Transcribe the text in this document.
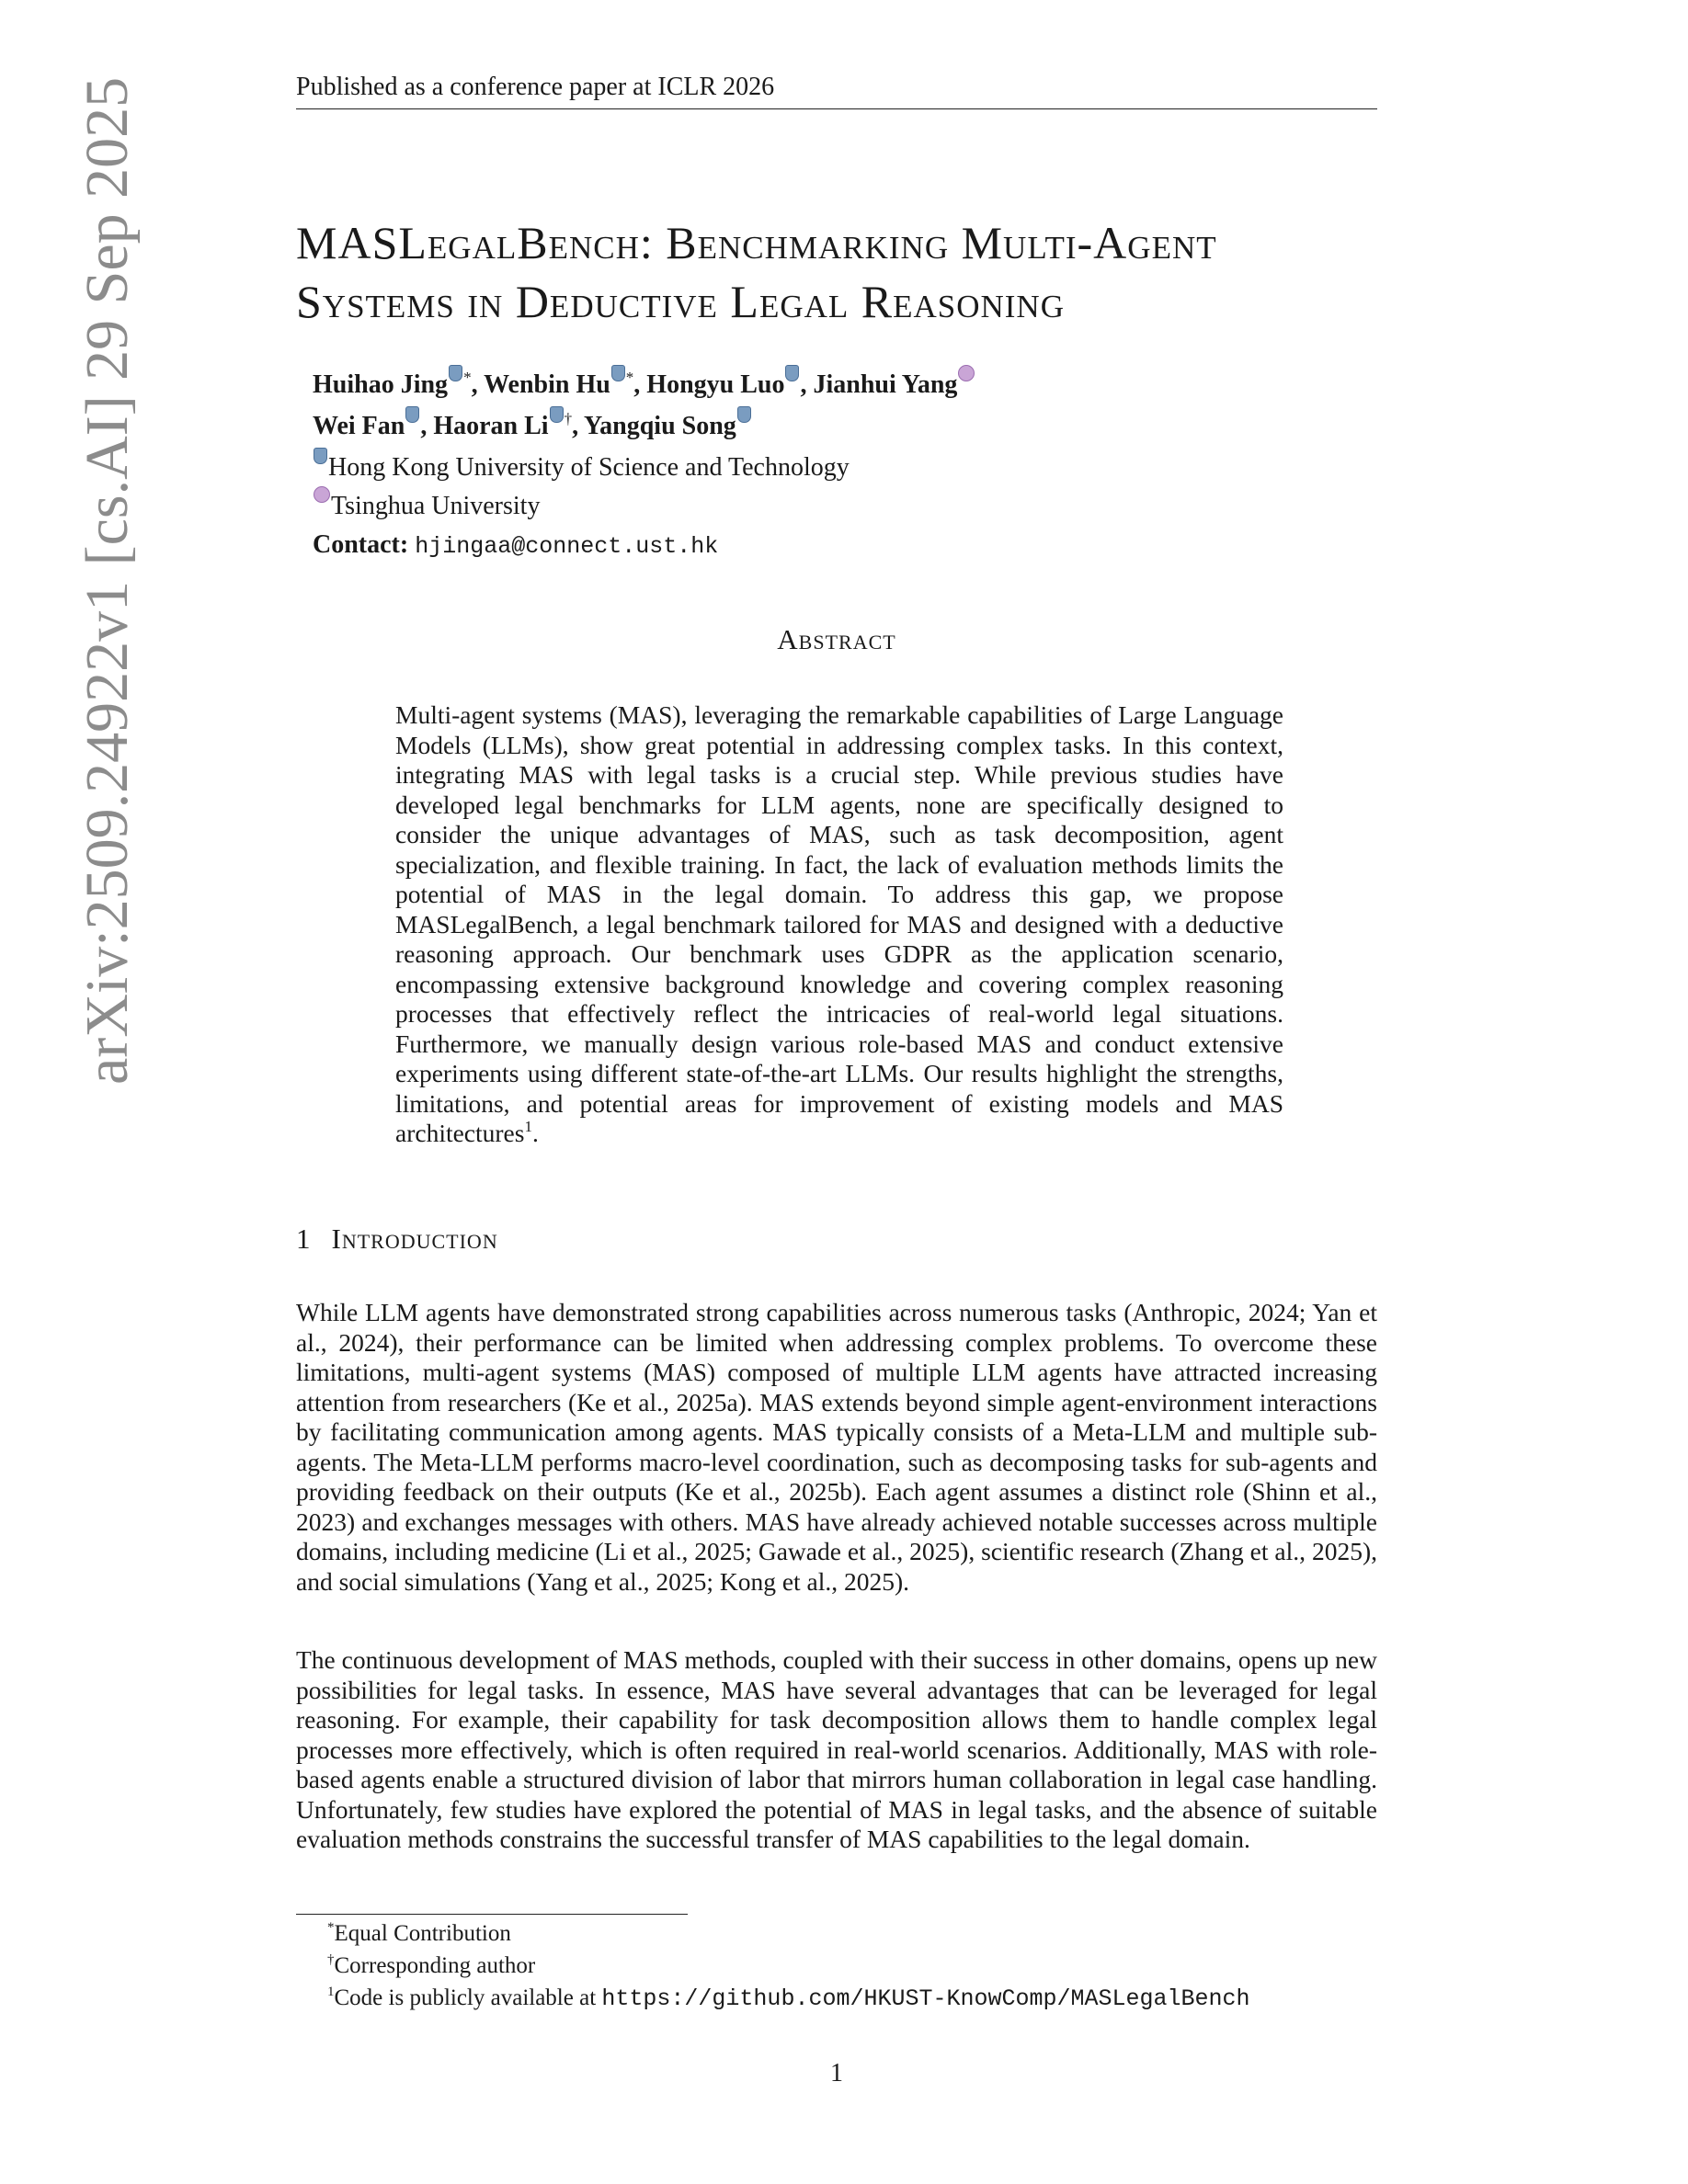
Published as a conference paper at ICLR 2026
arXiv:2509.24922v1 [cs.AI] 29 Sep 2025	MASLegalBench: Benchmarking Multi-Agent
Systems in Deductive Legal Reasoning
Huihao Jing *, Wenbin Hu *, Hongyu Luo , Jianhui Yang
Wei Fan , Haoran Li †, Yangqiu Song
Hong Kong University of Science and Technology
Tsinghua University
Contact: hjingaa@connect.ust.hk
Abstract
Multi-agent systems (MAS), leveraging the remarkable capabilities of Large Language Models (LLMs), show great potential in addressing complex tasks. In this context, integrating MAS with legal tasks is a crucial step. While previous studies have developed legal benchmarks for LLM agents, none are specifically designed to consider the unique advantages of MAS, such as task decomposition, agent specialization, and flexible training. In fact, the lack of evaluation methods limits the potential of MAS in the legal domain. To address this gap, we propose MASLegalBench, a legal benchmark tailored for MAS and designed with a deductive reasoning approach. Our benchmark uses GDPR as the application scenario, encompassing extensive background knowledge and covering complex reasoning processes that effectively reflect the intricacies of real-world legal situations. Furthermore, we manually design various role-based MAS and conduct extensive experiments using different state-of-the-art LLMs. Our results highlight the strengths, limitations, and potential areas for improvement of existing models and MAS architectures$^1$.
1 Introduction
While LLM agents have demonstrated strong capabilities across numerous tasks (Anthropic, 2024; Yan et al., 2024), their performance can be limited when addressing complex problems. To overcome these limitations, multi-agent systems (MAS) composed of multiple LLM agents have attracted increasing attention from researchers (Ke et al., 2025a). MAS extends beyond simple agent-environment interactions by facilitating communication among agents. MAS typically consists of a Meta-LLM and multiple sub-agents. The Meta-LLM performs macro-level coordination, such as decomposing tasks for sub-agents and providing feedback on their outputs (Ke et al., 2025b). Each agent assumes a distinct role (Shinn et al., 2023) and exchanges messages with others. MAS have already achieved notable successes across multiple domains, including medicine (Li et al., 2025; Gawade et al., 2025), scientific research (Zhang et al., 2025), and social simulations (Yang et al., 2025; Kong et al., 2025).
The continuous development of MAS methods, coupled with their success in other domains, opens up new possibilities for legal tasks. In essence, MAS have several advantages that can be leveraged for legal reasoning. For example, their capability for task decomposition allows them to handle complex legal processes more effectively, which is often required in real-world scenarios. Additionally, MAS with role-based agents enable a structured division of labor that mirrors human collaboration in legal case handling. Unfortunately, few studies have explored the potential of MAS in legal tasks, and the absence of suitable evaluation methods constrains the successful transfer of MAS capabilities to the legal domain.
*Equal Contribution
†Corresponding author
$^1$Code is publicly available at https://github.com/HKUST-KnowComp/MASLegalBench
1
